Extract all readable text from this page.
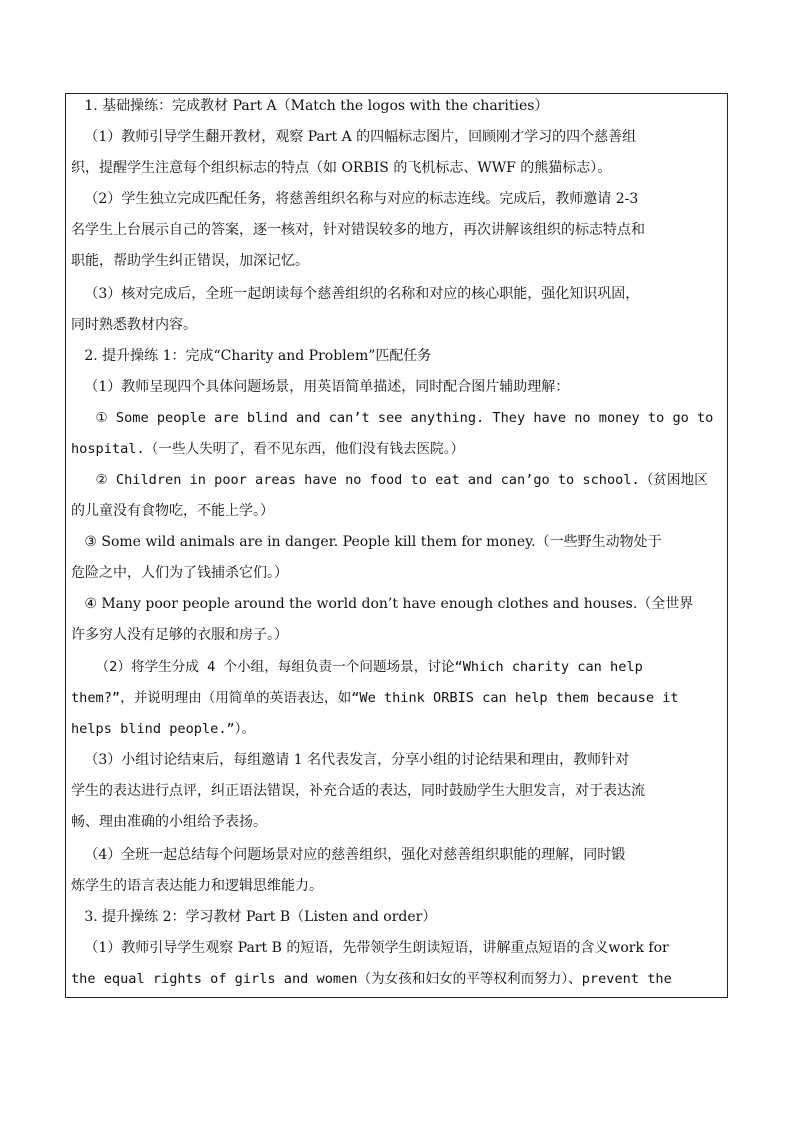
1. 基础操练：完成教材 Part A（Match the logos with the charities）
（1）教师引导学生翻开教材，观察 Part A 的四幅标志图片，回顾刚才学习的四个慈善组
织，提醒学生注意每个组织标志的特点（如 ORBIS 的飞机标志、WWF 的熊猫标志）。
（2）学生独立完成匹配任务，将慈善组织名称与对应的标志连线。完成后，教师邀请 2-3
名学生上台展示自己的答案，逐一核对，针对错误较多的地方，再次讲解该组织的标志特点和
职能，帮助学生纠正错误，加深记忆。
（3）核对完成后，全班一起朗读每个慈善组织的名称和对应的核心职能，强化知识巩固，
同时熟悉教材内容。
2. 提升操练 1：完成“Charity and Problem”匹配任务
（1）教师呈现四个具体问题场景，用英语简单描述，同时配合图片辅助理解：
① Some people are blind and can’t see anything. They have no money to go to
hospital.（一些人失明了，看不见东西，他们没有钱去医院。）
② Children in poor areas have no food to eat and can’go to school.（贫困地区
的儿童没有食物吃，不能上学。）
③ Some wild animals are in danger. People kill them for money.（一些野生动物处于
危险之中，人们为了钱捕杀它们。）
④ Many poor people around the world don’t have enough clothes and houses.（全世界
许多穷人没有足够的衣服和房子。）
（2）将学生分成 4 个小组，每组负责一个问题场景，讨论“Which charity can help
them?”，并说明理由（用简单的英语表达，如“We think ORBIS can help them because it
helps blind people.”）。
（3）小组讨论结束后，每组邀请 1 名代表发言，分享小组的讨论结果和理由，教师针对
学生的表达进行点评，纠正语法错误，补充合适的表达，同时鼓励学生大胆发言，对于表达流
畅、理由准确的小组给予表扬。
（4）全班一起总结每个问题场景对应的慈善组织，强化对慈善组织职能的理解，同时锻
炼学生的语言表达能力和逻辑思维能力。
3. 提升操练 2：学习教材 Part B（Listen and order）
（1）教师引导学生观察 Part B 的短语，先带领学生朗读短语，讲解重点短语的含义work for
the equal rights of girls and women（为女孩和妇女的平等权利而努力）、prevent the
